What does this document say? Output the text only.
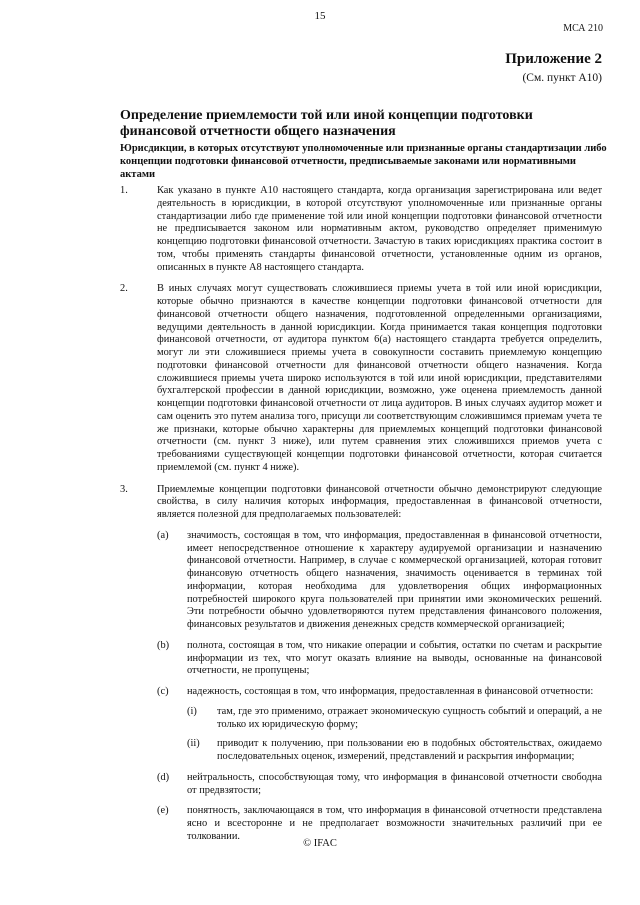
15
МСА 210
Приложение 2
(См. пункт А10)
Определение приемлемости той или иной концепции подготовки финансовой отчетности общего назначения
Юрисдикции, в которых отсутствуют уполномоченные или признанные органы стандартизации либо концепции подготовки финансовой отчетности, предписываемые законами или нормативными актами
1.	Как указано в пункте А10 настоящего стандарта, когда организация зарегистрирована или ведет деятельность в юрисдикции, в которой отсутствуют уполномоченные или признанные органы стандартизации либо где применение той или иной концепции подготовки финансовой отчетности не предписывается законом или нормативным актом, руководство определяет применимую концепцию подготовки финансовой отчетности. Зачастую в таких юрисдикциях практика состоит в том, чтобы применять стандарты финансовой отчетности, установленные одним из органов, описанных в пункте А8 настоящего стандарта.
2.	В иных случаях могут существовать сложившиеся приемы учета в той или иной юрисдикции, которые обычно признаются в качестве концепции подготовки финансовой отчетности для финансовой отчетности общего назначения, подготовленной определенными организациями, ведущими деятельность в данной юрисдикции. Когда принимается такая концепция подготовки финансовой отчетности, от аудитора пунктом 6(а) настоящего стандарта требуется определить, могут ли эти сложившиеся приемы учета в совокупности составить приемлемую концепцию подготовки финансовой отчетности для финансовой отчетности общего назначения. Когда сложившиеся приемы учета широко используются в той или иной юрисдикции, представителями бухгалтерской профессии в данной юрисдикции, возможно, уже оценена приемлемость данной концепции подготовки финансовой отчетности от лица аудиторов. В иных случаях аудитор может и сам оценить это путем анализа того, присущи ли соответствующим сложившимся приемам учета те же признаки, которые обычно характерны для приемлемых концепций подготовки финансовой отчетности (см. пункт 3 ниже), или путем сравнения этих сложившихся приемов учета с требованиями существующей концепции подготовки финансовой отчетности, которая считается приемлемой (см. пункт 4 ниже).
3.	Приемлемые концепции подготовки финансовой отчетности обычно демонстрируют следующие свойства, в силу наличия которых информация, предоставленная в финансовой отчетности, является полезной для предполагаемых пользователей:
(a) значимость, состоящая в том, что информация, предоставленная в финансовой отчетности, имеет непосредственное отношение к характеру аудируемой организации и назначению финансовой отчетности. Например, в случае с коммерческой организацией, которая готовит финансовую отчетность общего назначения, значимость оценивается в терминах той информации, которая необходима для удовлетворения общих информационных потребностей широкого круга пользователей при принятии ими экономических решений. Эти потребности обычно удовлетворяются путем представления финансового положения, финансовых результатов и движения денежных средств коммерческой организацией;
(b) полнота, состоящая в том, что никакие операции и события, остатки по счетам и раскрытие информации из тех, что могут оказать влияние на выводы, основанные на финансовой отчетности, не пропущены;
(c) надежность, состоящая в том, что информация, предоставленная в финансовой отчетности:
(i) там, где это применимо, отражает экономическую сущность событий и операций, а не только их юридическую форму;
(ii) приводит к получению, при пользовании ею в подобных обстоятельствах, ожидаемо последовательных оценок, измерений, представлений и раскрытия информации;
(d) нейтральность, способствующая тому, что информация в финансовой отчетности свободна от предвзятости;
(e) понятность, заключающаяся в том, что информация в финансовой отчетности представлена ясно и всесторонне и не предполагает возможности значительных различий при ее толковании.
© IFAC
